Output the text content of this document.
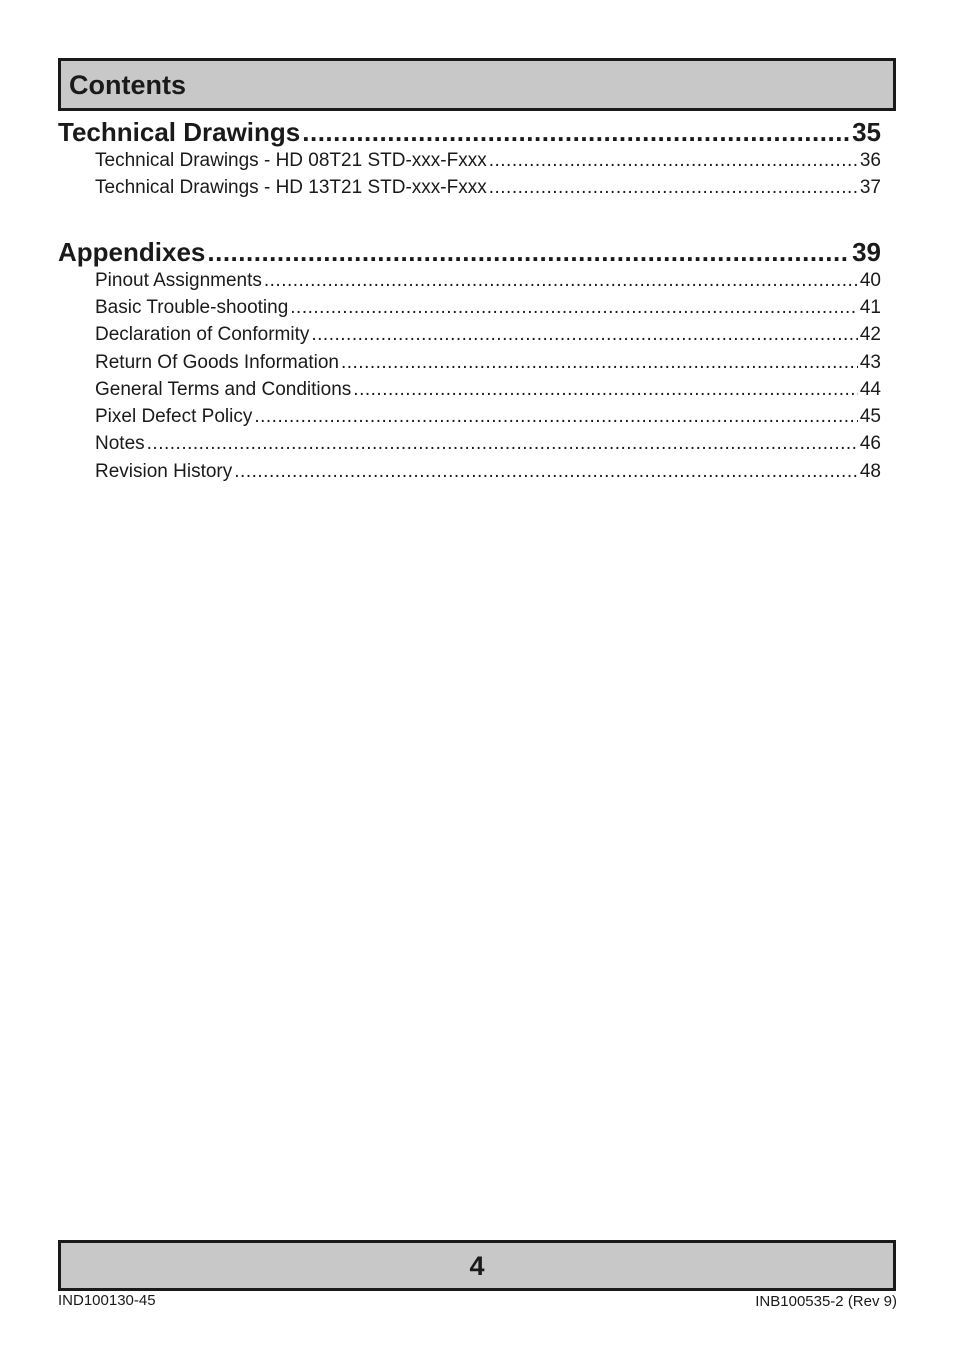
Contents
Technical Drawings .....	35
Technical Drawings - HD 08T21 STD-xxx-Fxxx .....	36
Technical Drawings - HD 13T21 STD-xxx-Fxxx .....	37
Appendixes .....	39
Pinout Assignments .....	40
Basic Trouble-shooting .....	41
Declaration of Conformity .....	42
Return Of Goods Information .....	43
General Terms and Conditions .....	44
Pixel Defect Policy .....	45
Notes .....	46
Revision History .....	48
4
IND100130-45	INB100535-2 (Rev 9)
